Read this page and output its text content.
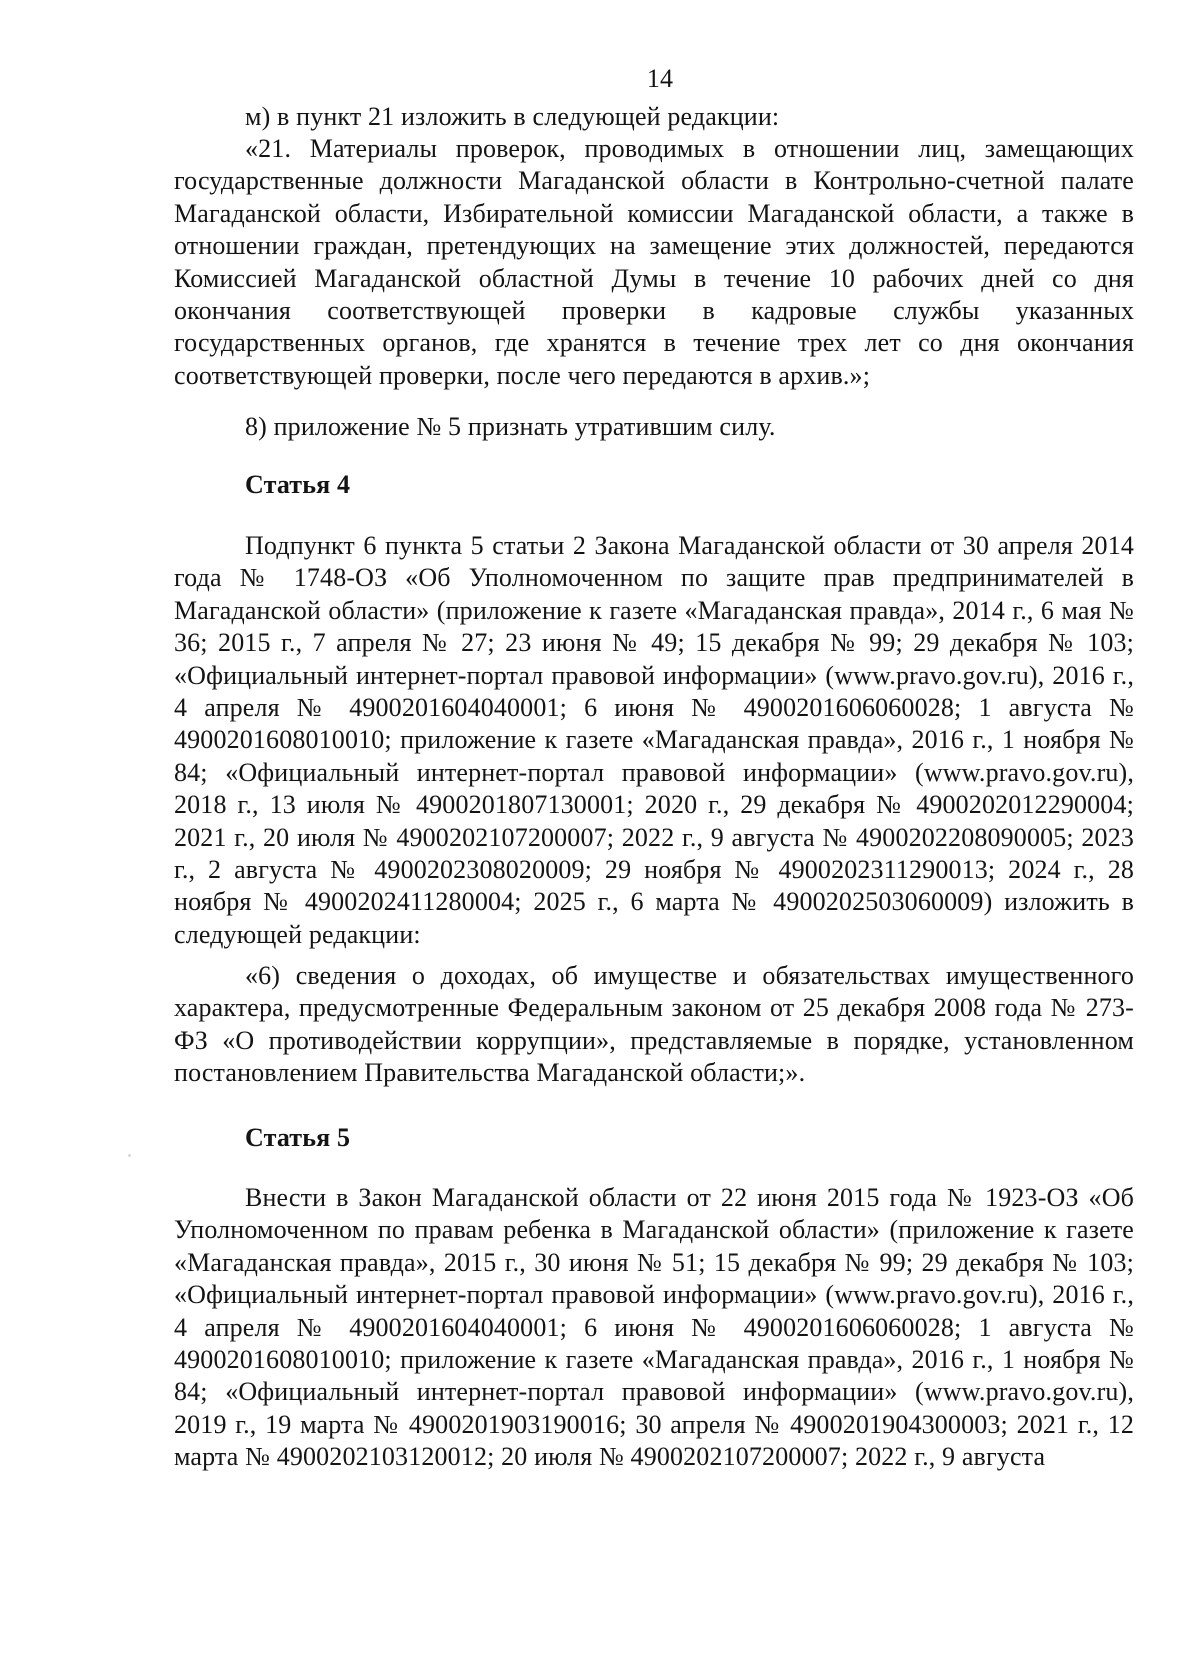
14
м) в пункт 21 изложить в следующей редакции:
«21. Материалы проверок, проводимых в отношении лиц, замещающих государственные должности Магаданской области в Контрольно-счетной палате Магаданской области, Избирательной комиссии Магаданской области, а также в отношении граждан, претендующих на замещение этих должностей, передаются Комиссией Магаданской областной Думы в течение 10 рабочих дней со дня окончания соответствующей проверки в кадровые службы указанных государственных органов, где хранятся в течение трех лет со дня окончания соответствующей проверки, после чего передаются в архив.»;
8) приложение № 5 признать утратившим силу.
Статья 4
Подпункт 6 пункта 5 статьи 2 Закона Магаданской области от 30 апреля 2014 года № 1748-ОЗ «Об Уполномоченном по защите прав предпринимателей в Магаданской области» (приложение к газете «Магаданская правда», 2014 г., 6 мая № 36; 2015 г., 7 апреля № 27; 23 июня № 49; 15 декабря № 99; 29 декабря № 103; «Официальный интернет-портал правовой информации» (www.pravo.gov.ru), 2016 г., 4 апреля № 4900201604040001; 6 июня № 4900201606060028; 1 августа № 4900201608010010; приложение к газете «Магаданская правда», 2016 г., 1 ноября № 84; «Официальный интернет-портал правовой информации» (www.pravo.gov.ru), 2018 г., 13 июля № 4900201807130001; 2020 г., 29 декабря № 4900202012290004; 2021 г., 20 июля № 4900202107200007; 2022 г., 9 августа № 4900202208090005; 2023 г., 2 августа № 4900202308020009; 29 ноября № 4900202311290013; 2024 г., 28 ноября № 4900202411280004; 2025 г., 6 марта № 4900202503060009) изложить в следующей редакции:
«6) сведения о доходах, об имуществе и обязательствах имущественного характера, предусмотренные Федеральным законом от 25 декабря 2008 года № 273-ФЗ «О противодействии коррупции», представляемые в порядке, установленном постановлением Правительства Магаданской области;».
Статья 5
Внести в Закон Магаданской области от 22 июня 2015 года № 1923-ОЗ «Об Уполномоченном по правам ребенка в Магаданской области» (приложение к газете «Магаданская правда», 2015 г., 30 июня № 51; 15 декабря № 99; 29 декабря № 103; «Официальный интернет-портал правовой информации» (www.pravo.gov.ru), 2016 г., 4 апреля № 4900201604040001; 6 июня № 4900201606060028; 1 августа № 4900201608010010; приложение к газете «Магаданская правда», 2016 г., 1 ноября № 84; «Официальный интернет-портал правовой информации» (www.pravo.gov.ru), 2019 г., 19 марта № 4900201903190016; 30 апреля № 4900201904300003; 2021 г., 12 марта № 4900202103120012; 20 июля № 4900202107200007; 2022 г., 9 августа
